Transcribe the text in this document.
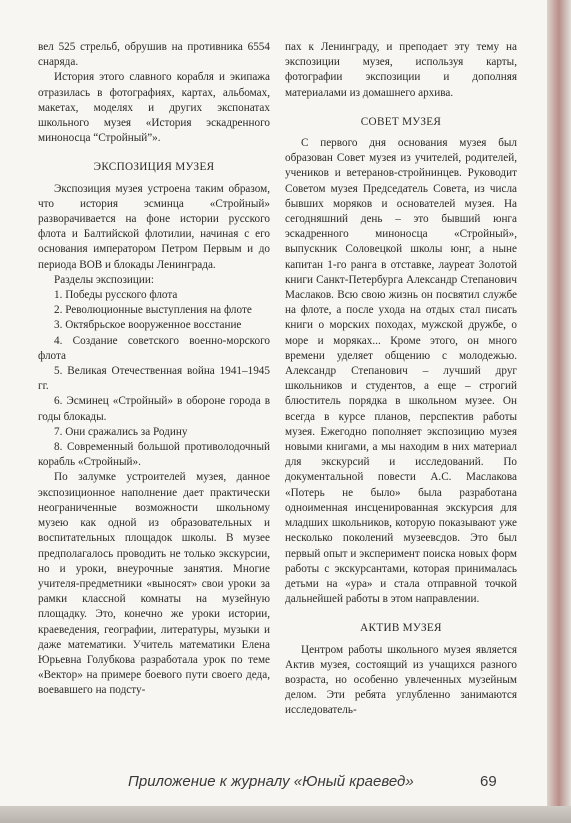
вел 525 стрельб, обрушив на противника 6554 снаряда.

История этого славного корабля и экипажа отразилась в фотографиях, картах, альбомах, макетах, моделях и других экспонатах школьного музея «История эскадренного миноносца “Стройный”».

ЭКСПОЗИЦИЯ МУЗЕЯ

Экспозиция музея устроена таким образом, что история эсминца «Стройный» разворачивается на фоне истории русского флота и Балтийской флотилии, начиная с его основания императором Петром Первым и до периода ВОВ и блокады Ленинграда.

Разделы экспозиции:

1. Победы русского флота

2. Революционные выступления на флоте

3. Октябрьское вооруженное восстание

4. Создание советского военно-морского флота

5. Великая Отечественная война 1941–1945 гг.

6. Эсминец «Стройный» в обороне города в годы блокады.

7. Они сражались за Родину

8. Современный большой противолодочный корабль «Стройный».

По залумке устроителей музея, данное экспозиционное наполнение дает практически неограниченные возможности школьному музею как одной из образовательных и воспитательных площадок школы. В музее предполагалось проводить не только экскурсии, но и уроки, внеурочные занятия. Многие учителя-предметники «выносят» свои уроки за рамки классной комнаты на музейную площадку. Это, конечно же уроки истории, краеведения, географии, литературы, музыки и даже математики. Учитель математики Елена Юрьевна Голубкова разработала урок по теме «Вектор» на примере боевого пути своего деда, воевавшего на подсту-

пах к Ленинграду, и преподает эту тему на экспозиции музея, используя карты, фотографии экспозиции и дополняя материалами из домашнего архива.

СОВЕТ МУЗЕЯ

С первого дня основания музея был образован Совет музея из учителей, родителей, учеников и ветеранов-стройнинцев. Руководит Советом музея Председатель Совета, из числа бывших моряков и основателей музея. На сегодняшний день – это бывший юнга эскадренного миноносца «Стройный», выпускник Соловецкой школы юнг, а ныне капитан 1-го ранга в отставке, лауреат Золотой книги Санкт-Петербурга Александр Степанович Маслаков. Всю свою жизнь он посвятил службе на флоте, а после ухода на отдых стал писать книги о морских походах, мужской дружбе, о море и моряках... Кроме этого, он много времени уделяет общению с молодежью. Александр Степанович – лучший друг школьников и студентов, а еще – строгий блюститель порядка в школьном музее. Он всегда в курсе планов, перспектив работы музея. Ежегодно пополняет экспозицию музея новыми книгами, а мы находим в них материал для экскурсий и исследований. По документальной повести А.С. Маслакова «Потерь не было» была разработана одноименная инсценированная экскурсия для младших школьников, которую показывают уже несколько поколений музеевсдов. Это был первый опыт и эксперимент поиска новых форм работы с экскурсантами, которая принималась детьми на «ура» и стала отправной точкой дальнейшей работы в этом направлении.

АКТИВ МУЗЕЯ

Центром работы школьного музея является Актив музея, состоящий из учащихся разного возраста, но особенно увлеченных музейным делом. Эти ребята углубленно занимаются исследователь-

Приложение к журналу «Юный краевед»	69
